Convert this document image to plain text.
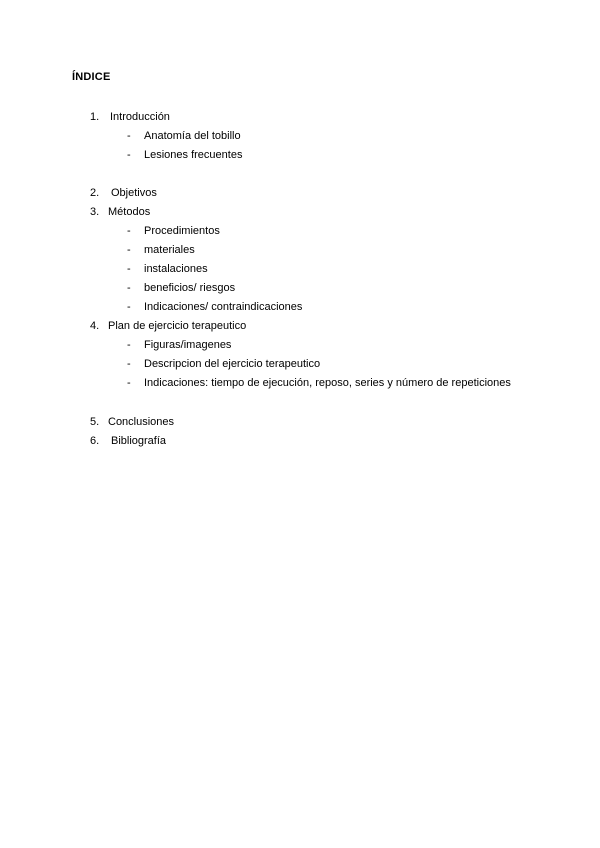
ÍNDICE
1. Introducción
- Anatomía del tobillo
- Lesiones frecuentes
2. Objetivos
3. Métodos
- Procedimientos
- materiales
- instalaciones
- beneficios/ riesgos
- Indicaciones/ contraindicaciones
4. Plan de ejercicio terapeutico
- Figuras/imagenes
- Descripcion del ejercicio terapeutico
- Indicaciones: tiempo de ejecución, reposo, series y número de repeticiones
5. Conclusiones
6. Bibliografía
